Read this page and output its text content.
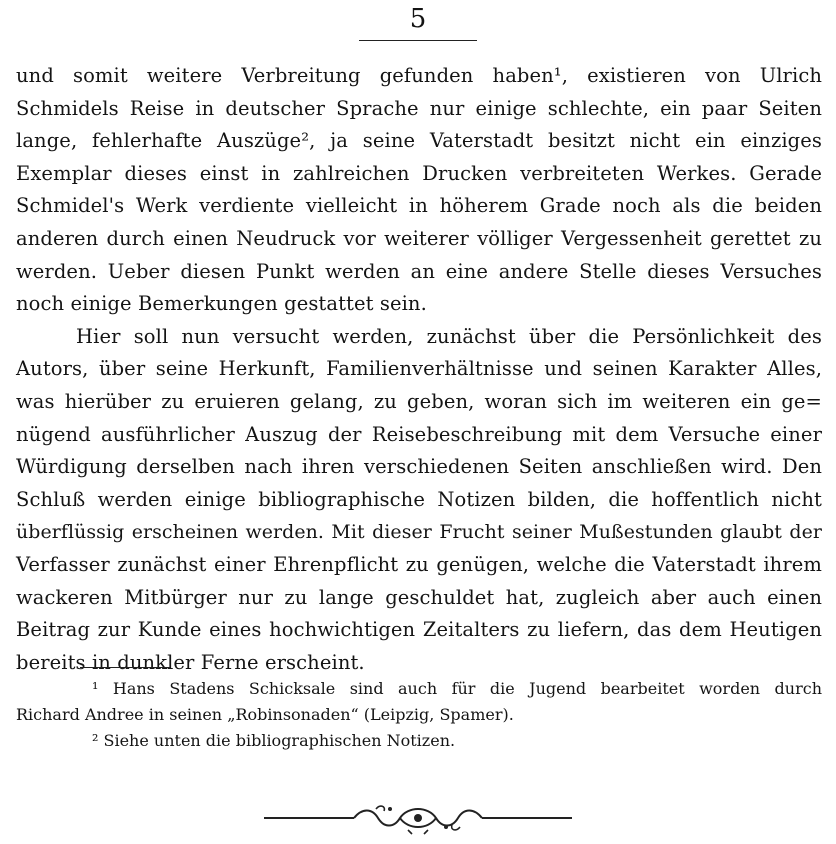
5
und somit weitere Verbreitung gefunden haben¹, existieren von Ulrich
Schmidels Reise in deutscher Sprache nur einige schlechte, ein paar Seiten
lange, fehlerhafte Auszüge², ja seine Vaterstadt besitzt nicht ein einziges
Exemplar dieses einst in zahlreichen Drucken verbreiteten Werkes. Gerade
Schmidel's Werk verdiente vielleicht in höherem Grade noch als die beiden
anderen durch einen Neudruck vor weiterer völliger Vergessenheit gerettet zu
werden. Ueber diesen Punkt werden an eine andere Stelle dieses Versuches
noch einige Bemerkungen gestattet sein.
Hier soll nun versucht werden, zunächst über die Persönlichkeit des
Autors, über seine Herkunft, Familienverhältnisse und seinen Karakter Alles,
was hierüber zu eruieren gelang, zu geben, woran sich im weiteren ein ge=
nügend ausführlicher Auszug der Reisebeschreibung mit dem Versuche einer
Würdigung derselben nach ihren verschiedenen Seiten anschließen wird. Den
Schluß werden einige bibliographische Notizen bilden, die hoffentlich nicht
überflüssig erscheinen werden. Mit dieser Frucht seiner Mußestunden glaubt der
Verfasser zunächst einer Ehrenpflicht zu genügen, welche die Vaterstadt ihrem
wackeren Mitbürger nur zu lange geschuldet hat, zugleich aber auch einen
Beitrag zur Kunde eines hochwichtigen Zeitalters zu liefern, das dem Heutigen
bereits in dunkler Ferne erscheint.
¹ Hans Stadens Schicksale sind auch für die Jugend bearbeitet worden durch
Richard Andree in seinen „Robinsonaden“ (Leipzig, Spamer).
² Siehe unten die bibliographischen Notizen.
